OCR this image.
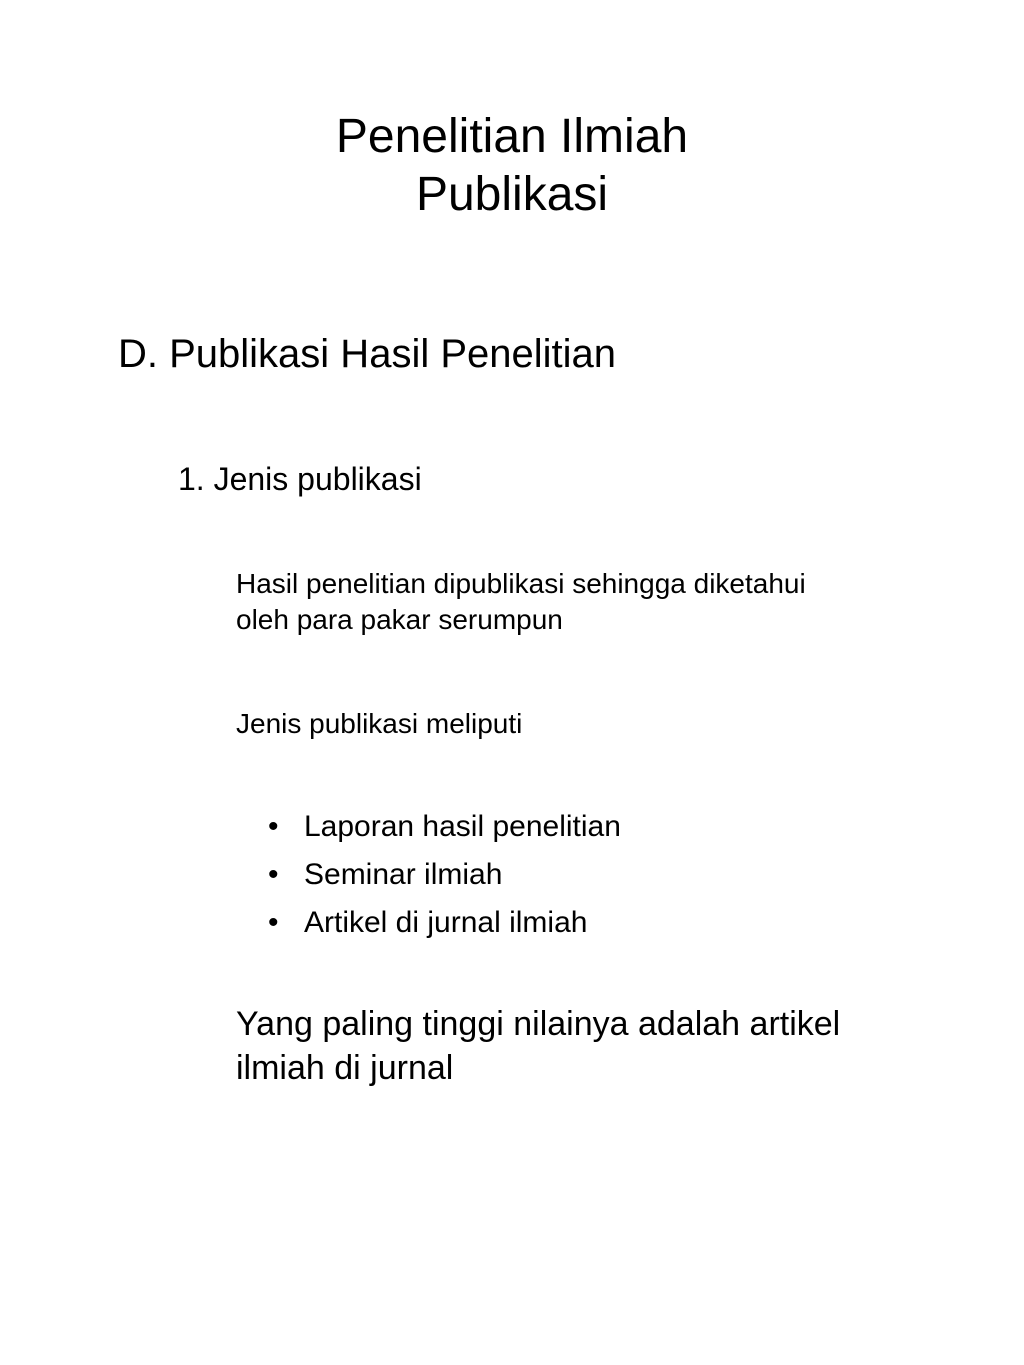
Penelitian Ilmiah
Publikasi
D. Publikasi Hasil Penelitian
1. Jenis publikasi
Hasil penelitian dipublikasi sehingga diketahui
oleh para pakar serumpun
Jenis publikasi meliputi
• Laporan hasil penelitian
• Seminar ilmiah
• Artikel di jurnal ilmiah
Yang paling tinggi nilainya adalah artikel
ilmiah di jurnal
